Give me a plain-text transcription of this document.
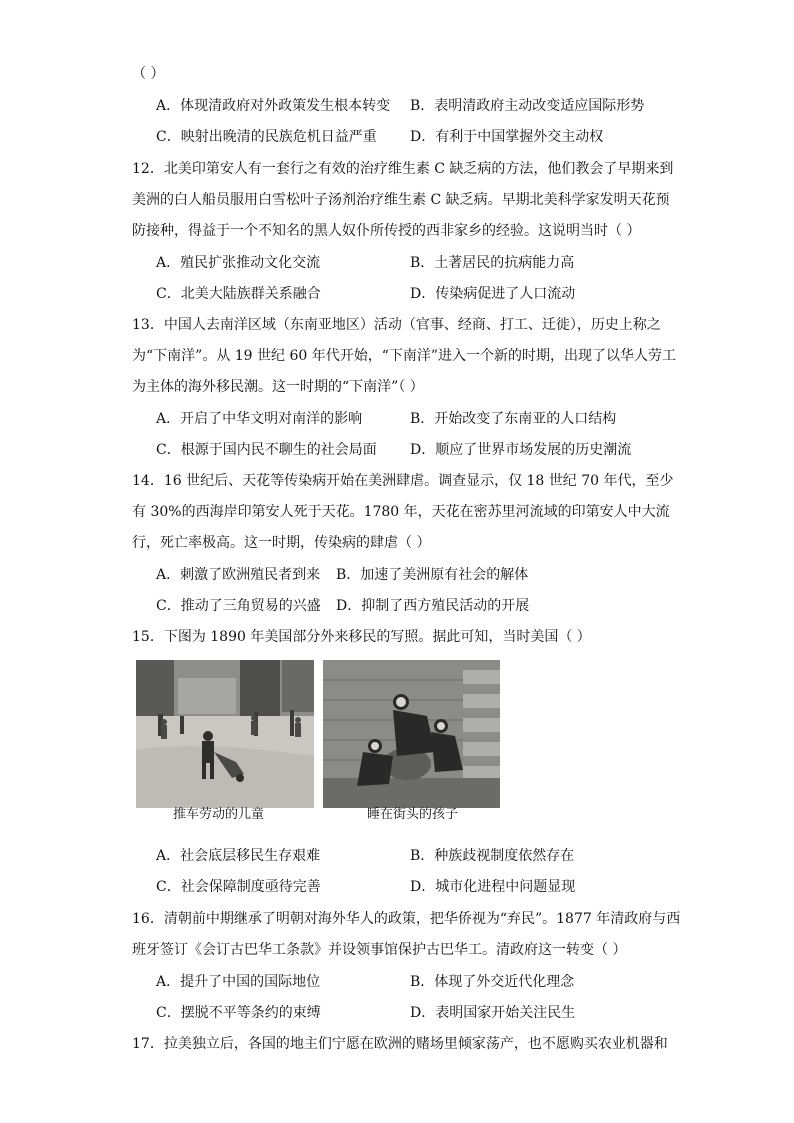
（ ）
A．体现清政府对外政策发生根本转变 B．表明清政府主动改变适应国际形势
C．映射出晚清的民族危机日益严重 D．有利于中国掌握外交主动权
12．北美印第安人有一套行之有效的治疗维生素 C 缺乏病的方法，他们教会了早期来到
美洲的白人船员服用白雪松叶子汤剂治疗维生素 C 缺乏病。早期北美科学家发明天花预
防接种，得益于一个不知名的黑人奴仆所传授的西非家乡的经验。这说明当时（ ）
A．殖民扩张推动文化交流	B．土著居民的抗病能力高
C．北美大陆族群关系融合	D．传染病促进了人口流动
13．中国人去南洋区域（东南亚地区）活动（官事、经商、打工、迁徙），历史上称之
为“下南洋”。从 19 世纪 60 年代开始，“下南洋”进入一个新的时期，出现了以华人劳工
为主体的海外移民潮。这一时期的“下南洋”（ ）
A．开启了中华文明对南洋的影响	B．开始改变了东南亚的人口结构
C．根源于国内民不聊生的社会局面 D．顺应了世界市场发展的历史潮流
14．16 世纪后、天花等传染病开始在美洲肆虐。调查显示，仅 18 世纪 70 年代，至少
有 30%的西海岸印第安人死于天花。1780 年，天花在密苏里河流域的印第安人中大流
行，死亡率极高。这一时期，传染病的肆虐（ ）
A．刺激了欧洲殖民者到来 B．加速了美洲原有社会的解体
C．推动了三角贸易的兴盛 D．抑制了西方殖民活动的开展
15．下图为 1890 年美国部分外来移民的写照。据此可知，当时美国（ ）
推车劳动的儿童	睡在街头的孩子
A．社会底层移民生存艰难	B．种族歧视制度依然存在
C．社会保障制度亟待完善	D．城市化进程中问题显现
16．清朝前中期继承了明朝对海外华人的政策，把华侨视为“弃民”。1877 年清政府与西
班牙签订《会订古巴华工条款》并设领事馆保护古巴华工。清政府这一转变（ ）
A．提升了中国的国际地位	B．体现了外交近代化理念
C．摆脱不平等条约的束缚	D．表明国家开始关注民生
17．拉美独立后，各国的地主们宁愿在欧洲的赌场里倾家荡产，也不愿购买农业机器和
